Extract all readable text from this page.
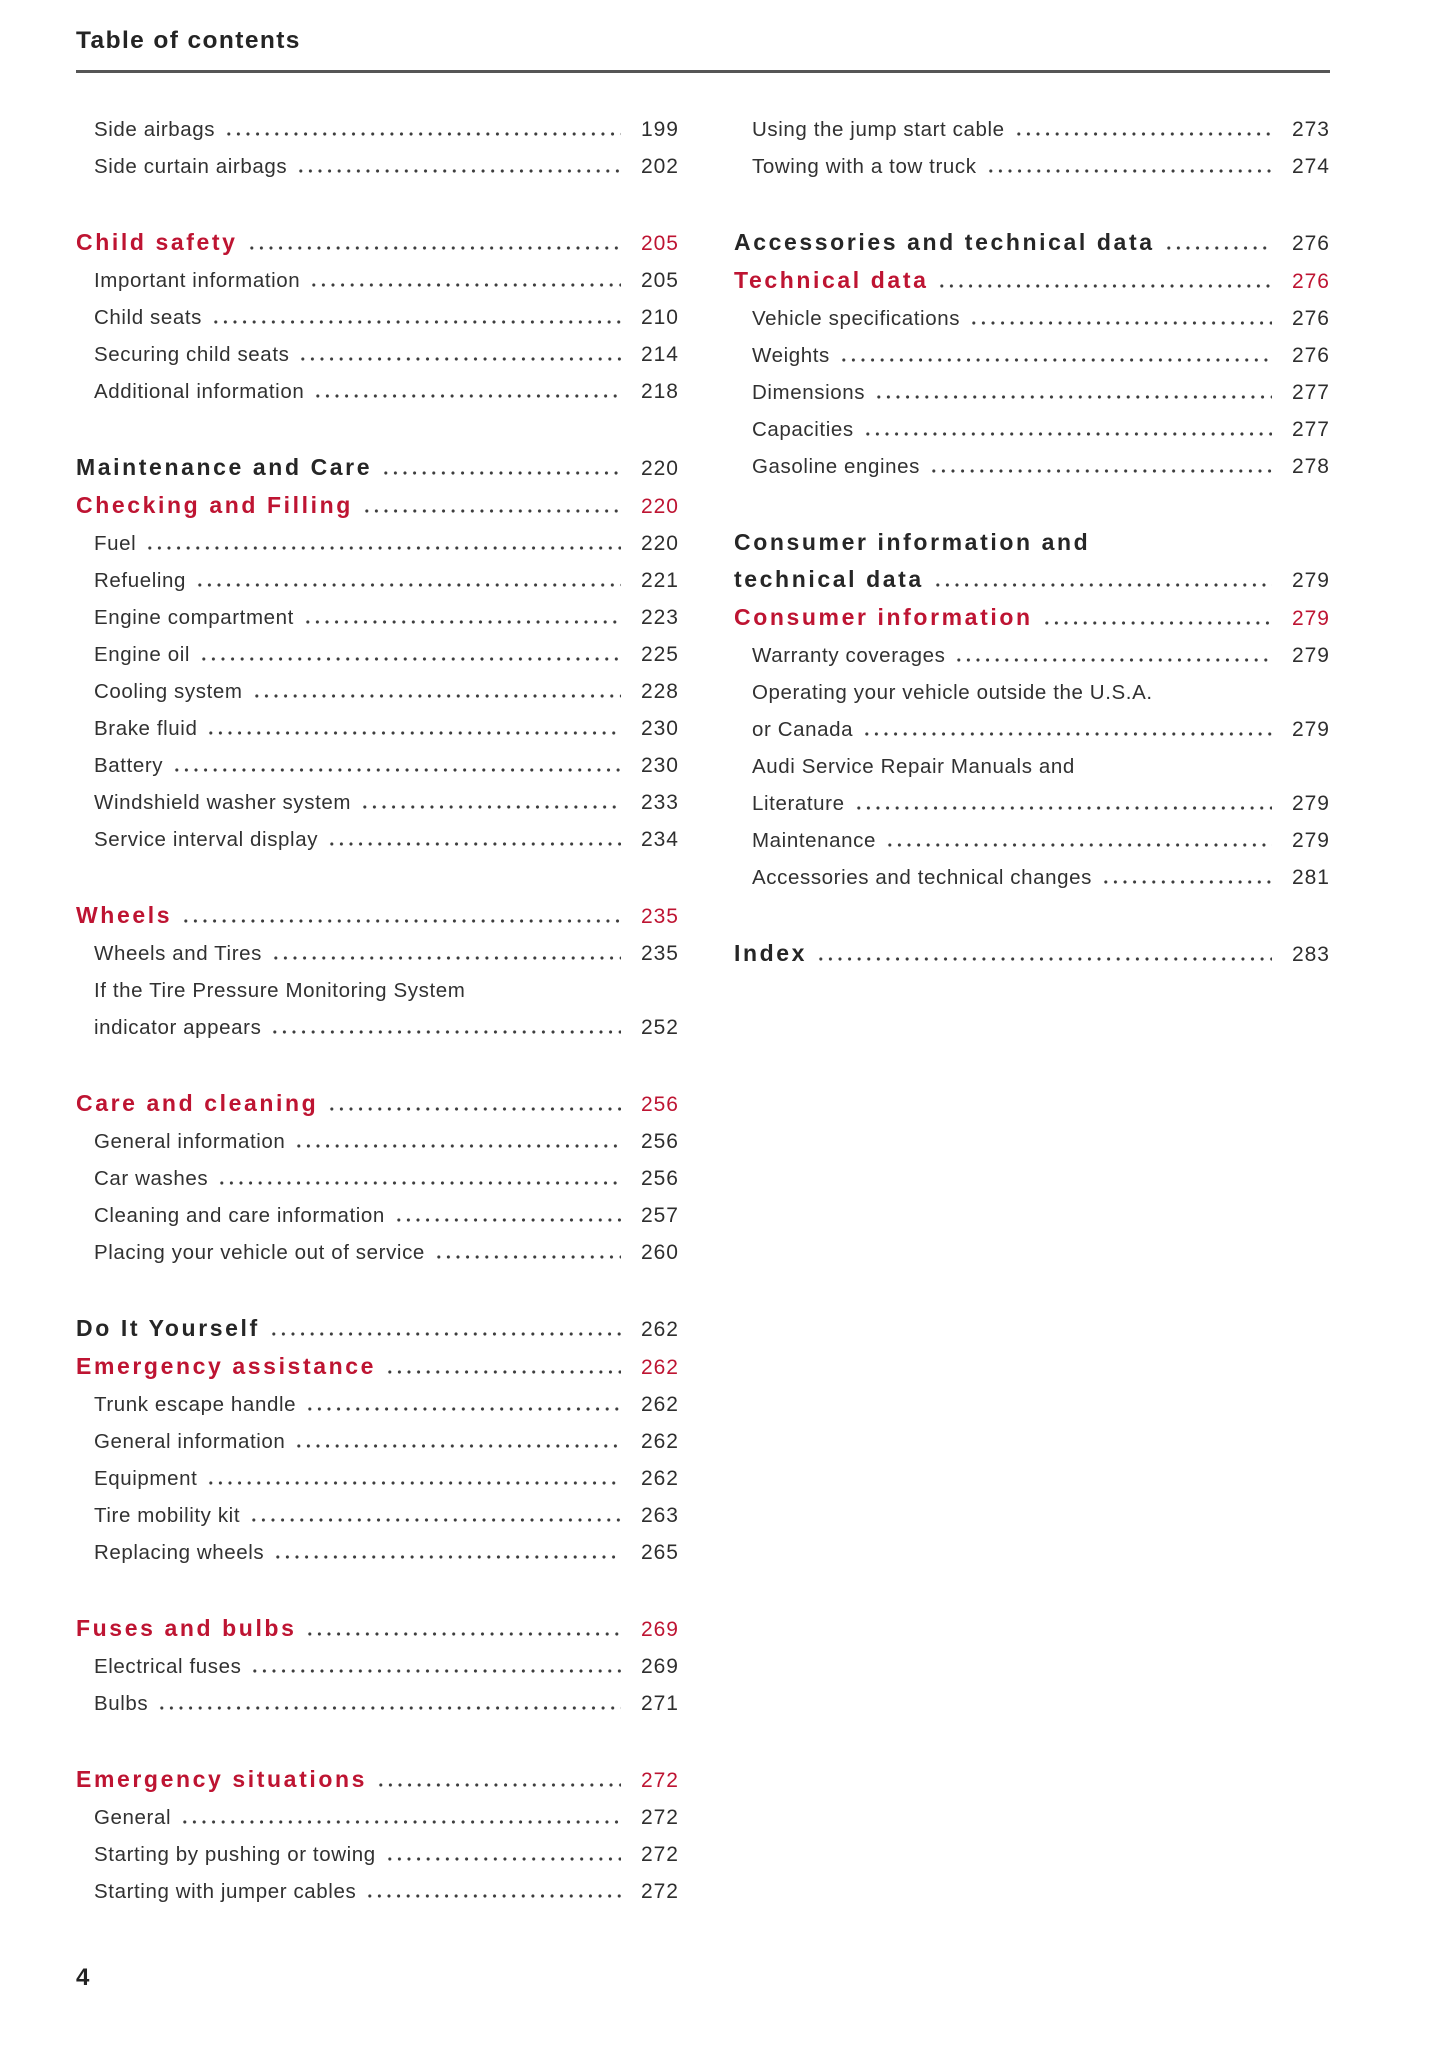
Table of contents
Side airbags	199
Side curtain airbags	202
Child safety	205
Important information	205
Child seats	210
Securing child seats	214
Additional information	218
Maintenance and Care	220
Checking and Filling	220
Fuel	220
Refueling	221
Engine compartment	223
Engine oil	225
Cooling system	228
Brake fluid	230
Battery	230
Windshield washer system	233
Service interval display	234
Wheels	235
Wheels and Tires	235
If the Tire Pressure Monitoring System
indicator appears	252
Care and cleaning	256
General information	256
Car washes	256
Cleaning and care information	257
Placing your vehicle out of service	260
Do It Yourself	262
Emergency assistance	262
Trunk escape handle	262
General information	262
Equipment	262
Tire mobility kit	263
Replacing wheels	265
Fuses and bulbs	269
Electrical fuses	269
Bulbs	271
Emergency situations	272
General	272
Starting by pushing or towing	272
Starting with jumper cables	272
Using the jump start cable	273
Towing with a tow truck	274
Accessories and technical data	276
Technical data	276
Vehicle specifications	276
Weights	276
Dimensions	277
Capacities	277
Gasoline engines	278
Consumer information and
technical data	279
Consumer information	279
Warranty coverages	279
Operating your vehicle outside the U.S.A.
or Canada	279
Audi Service Repair Manuals and
Literature	279
Maintenance	279
Accessories and technical changes	281
Index	283
4
